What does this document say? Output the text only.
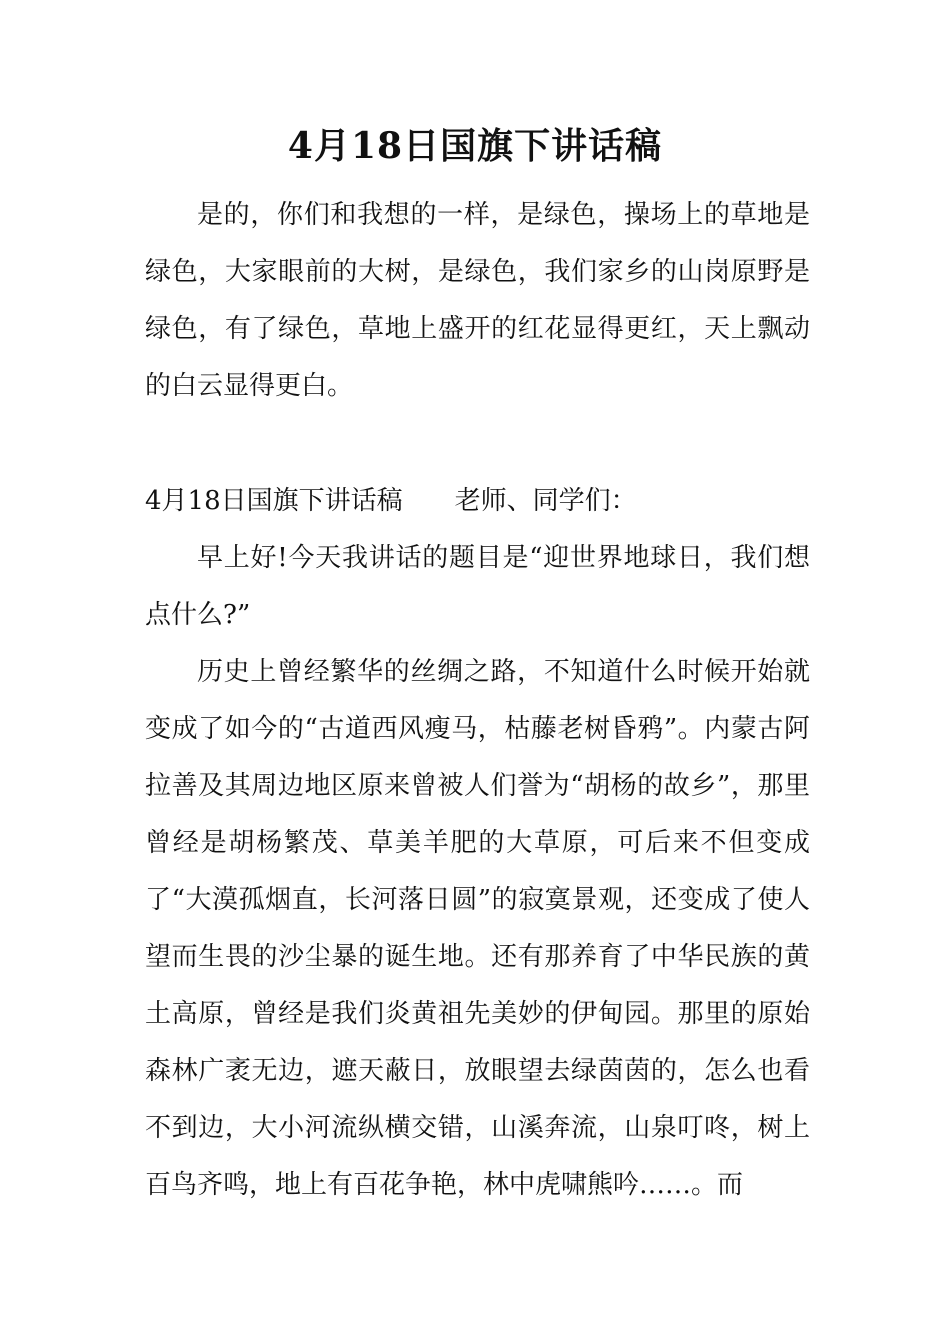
4月18日国旗下讲话稿

是的，你们和我想的一样，是绿色，操场上的草地是绿色，大家眼前的大树，是绿色，我们家乡的山岗原野是绿色，有了绿色，草地上盛开的红花显得更红，天上飘动的白云显得更白。

4月18日国旗下讲话稿　　老师、同学们：

早上好!今天我讲话的题目是“迎世界地球日，我们想点什么?”

历史上曾经繁华的丝绸之路，不知道什么时候开始就变成了如今的“古道西风瘦马，枯藤老树昏鸦”。内蒙古阿拉善及其周边地区原来曾被人们誉为“胡杨的故乡”，那里曾经是胡杨繁茂、草美羊肥的大草原，可后来不但变成了“大漠孤烟直，长河落日圆”的寂寞景观，还变成了使人望而生畏的沙尘暴的诞生地。还有那养育了中华民族的黄土高原，曾经是我们炎黄祖先美妙的伊甸园。那里的原始森林广袤无边，遮天蔽日，放眼望去绿茵茵的，怎么也看不到边，大小河流纵横交错，山溪奔流，山泉叮咚，树上百鸟齐鸣，地上有百花争艳，林中虎啸熊吟……。而
